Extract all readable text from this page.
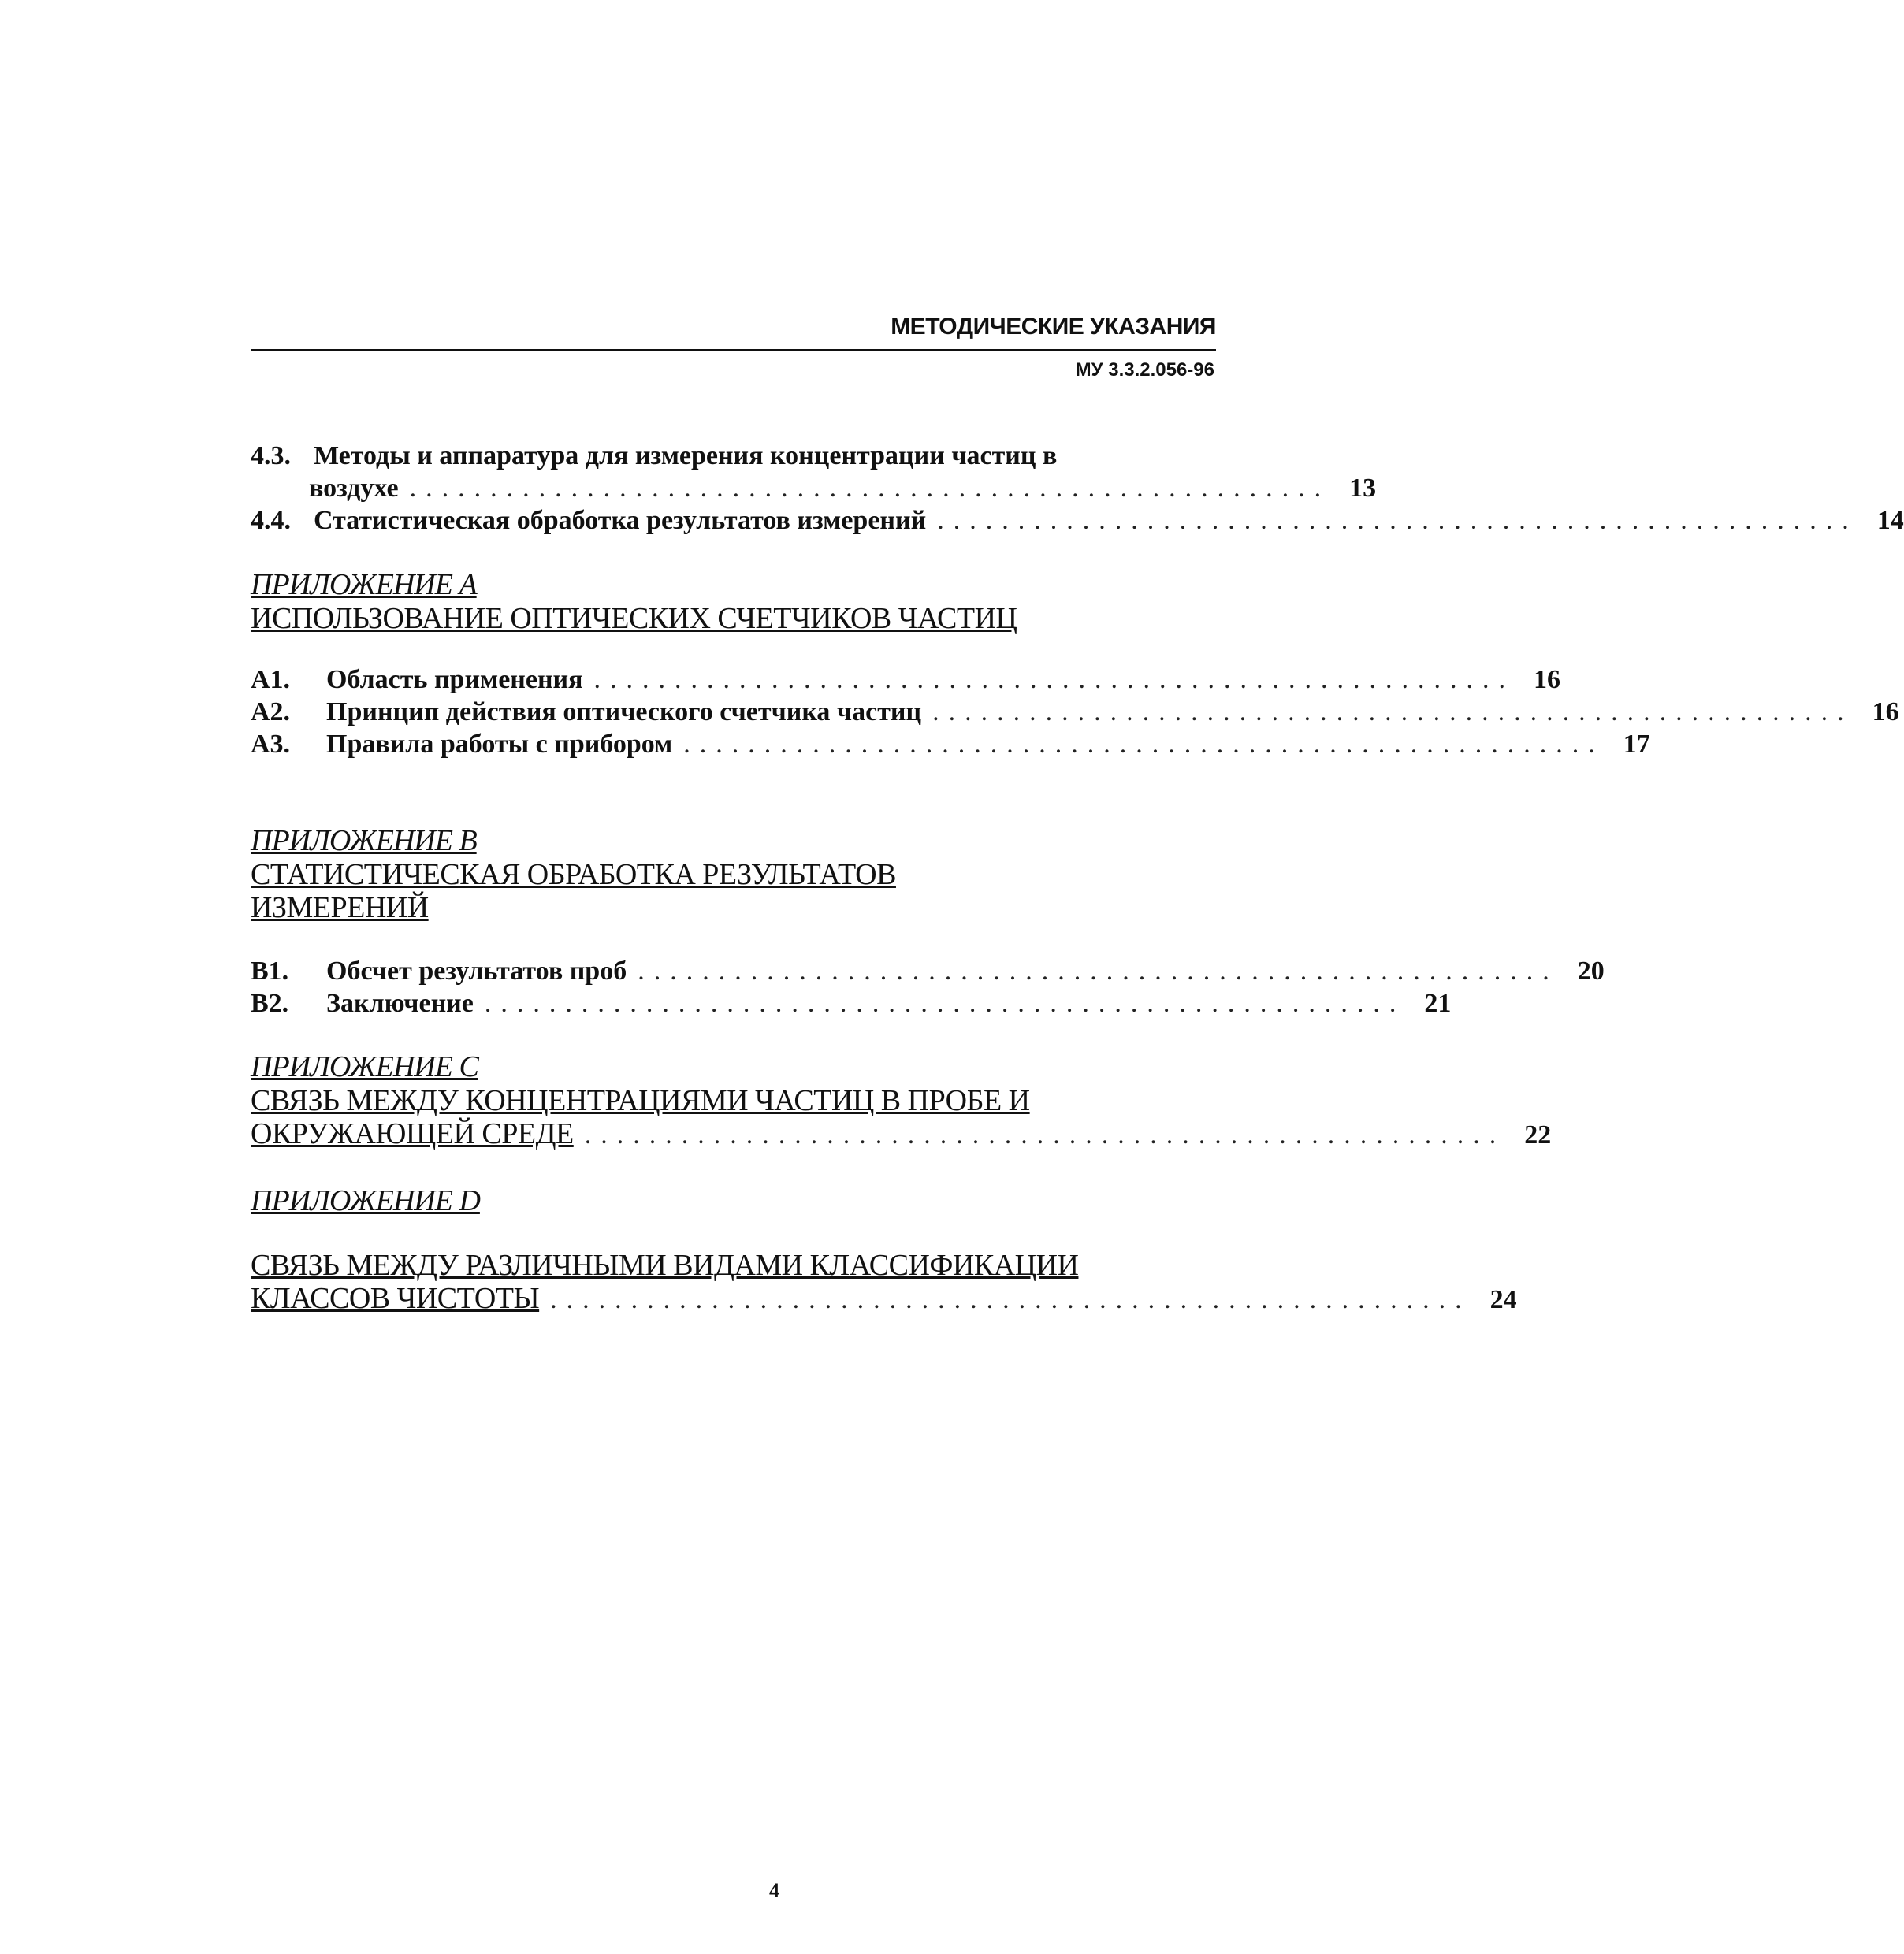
МЕТОДИЧЕСКИЕ УКАЗАНИЯ
МУ 3.3.2.056-96
4.3. Методы и аппаратура для измерения концентрации частиц в
воздухе ......................................................... 13
4.4. Статистическая обработка результатов измерений ......................................................... 14
ПРИЛОЖЕНИЕ А
ИСПОЛЬЗОВАНИЕ ОПТИЧЕСКИХ СЧЕТЧИКОВ ЧАСТИЦ
А1.	Область применения ......................................................... 16
А2.	Принцип действия оптического счетчика частиц ......................................................... 16
А3.	Правила работы с прибором ......................................................... 17
ПРИЛОЖЕНИЕ В
СТАТИСТИЧЕСКАЯ ОБРАБОТКА РЕЗУЛЬТАТОВ
ИЗМЕРЕНИЙ
В1.	Обсчет результатов проб ......................................................... 20
В2.	Заключение ......................................................... 21
ПРИЛОЖЕНИЕ С
СВЯЗЬ МЕЖДУ КОНЦЕНТРАЦИЯМИ ЧАСТИЦ В ПРОБЕ И
ОКРУЖАЮЩЕЙ СРЕДЕ ......................................................... 22
ПРИЛОЖЕНИЕ D
СВЯЗЬ МЕЖДУ РАЗЛИЧНЫМИ ВИДАМИ КЛАССИФИКАЦИИ
КЛАССОВ ЧИСТОТЫ ......................................................... 24
4
